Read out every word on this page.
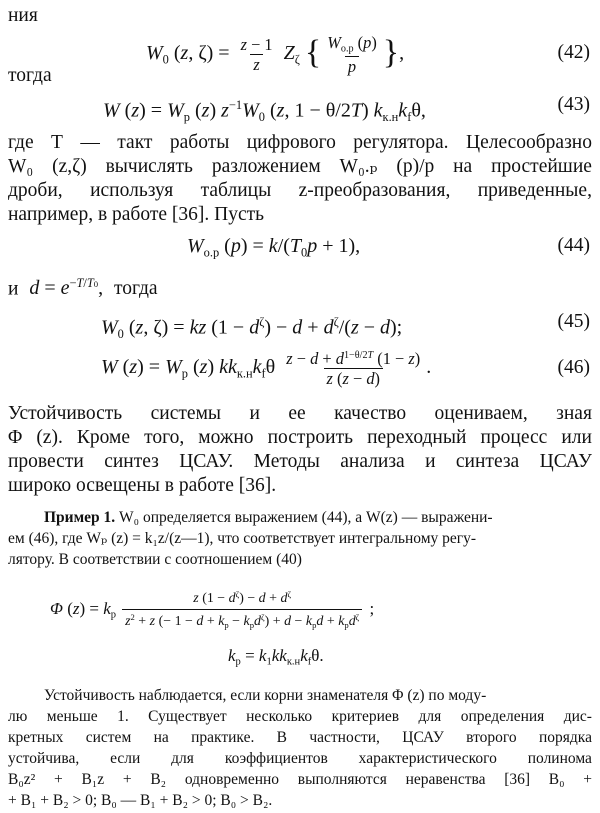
ния
$W_0$ (z, $\zeta) = \frac{z - 1}{z} Z_\zeta$ { $\frac{W_{о.р} (p)}{p}$ },	(42)
тогда
W $(z) = W_р$ (z) $z^{-1}W_0$ (z, 1 − θ/2T) $k_{к.н}k_f\theta$,	(43)
где T — такт работы цифрового регулятора. Целесообразно
W₀ (z,ζ) вычислять разложением W₀.ₚ (p)/p на простейшие
дроби, используя таблицы z-преобразования, приведенные,
например, в работе [36]. Пусть
$W_{о.р}$ $(p) = k/(T_0p + 1)$,	(44)
и $d = e^{-T/T0}$, тогда
$W_0$ (z, ζ) = kz $(1 - d^\zeta) - d + d^\zeta/(z - d)$;	(45)
W $(z) = W_р$ (z) $kk_{к.н}k_f\theta \frac{z - d + d^{1-\theta/2T} (1 - z)}{z (z - d)}$ .	(46)
Устойчивость системы и ее качество оцениваем, зная
Φ (z). Кроме того, можно построить переходный процесс или
провести синтез ЦСАУ. Методы анализа и синтеза ЦСАУ
широко освещены в работе [36].
Пример 1. W₀ определяется выражением (44), а W(z) — выражени-
ем (46), где Wₚ (z) = k₁z/(z—1), что соответствует интегральному регу-
лятору. В соответствии с соотношением (40)
Φ $(z) = k_р \frac{z (1 - d^\zeta) - d + d^\zeta}{z^2 + z (- 1 - d + k_р - k_рd^\zeta) + d - k_рd + k_рd^\zeta}$ ;
$k_р = k_1kk_{к.н}k_f\theta$.
Устойчивость наблюдается, если корни знаменателя Φ (z) по моду-
лю меньше 1. Существует несколько критериев для определения дис-
кретных систем на практике. В частности, ЦСАУ второго порядка
устойчива, если для коэффициентов характеристического полинома
B₀z² + B₁z + B₂ одновременно выполняются неравенства [36] B₀ +
+ B₁ + B₂ > 0; B₀ — B₁ + B₂ > 0; B₀ > B₂.
